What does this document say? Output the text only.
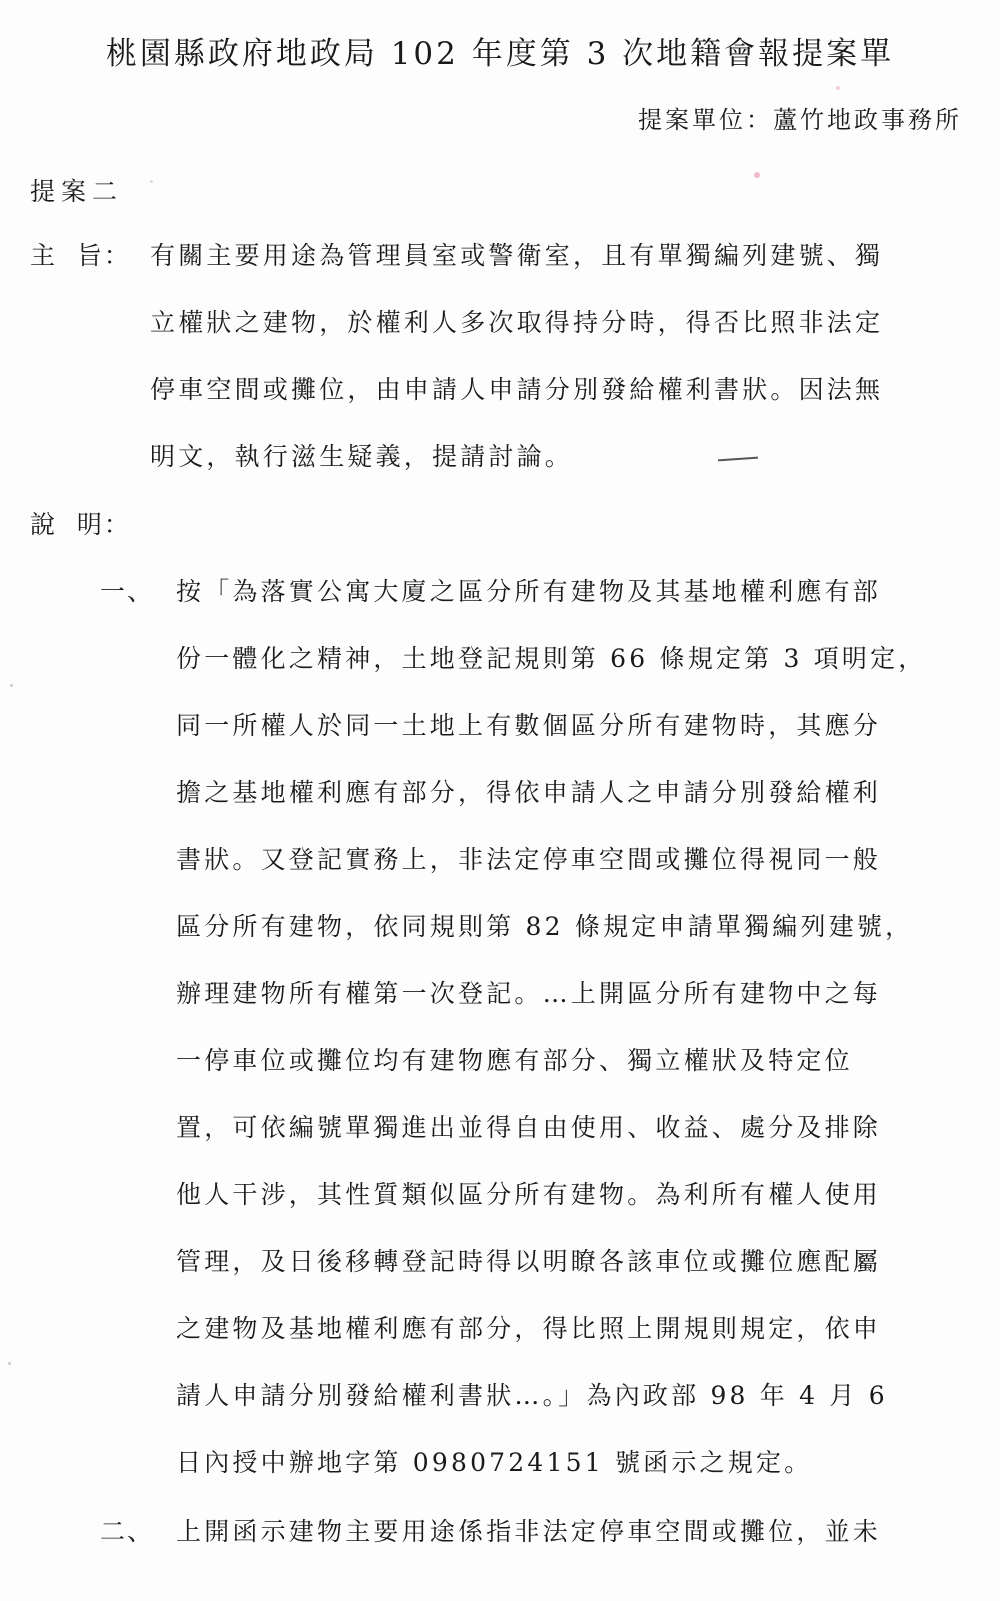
桃園縣政府地政局 102 年度第 3 次地籍會報提案單
提案單位：蘆竹地政事務所
提案二
主  旨： 有關主要用途為管理員室或警衛室，且有單獨編列建號、獨
立權狀之建物，於權利人多次取得持分時，得否比照非法定
停車空間或攤位，由申請人申請分別發給權利書狀。因法無
明文，執行滋生疑義，提請討論。
說  明：
一、 按「為落實公寓大廈之區分所有建物及其基地權利應有部
份一體化之精神，土地登記規則第 66 條規定第 3 項明定，
同一所權人於同一土地上有數個區分所有建物時，其應分
擔之基地權利應有部分，得依申請人之申請分別發給權利
書狀。又登記實務上，非法定停車空間或攤位得視同一般
區分所有建物，依同規則第 82 條規定申請單獨編列建號，
辦理建物所有權第一次登記。…上開區分所有建物中之每
一停車位或攤位均有建物應有部分、獨立權狀及特定位
置，可依編號單獨進出並得自由使用、收益、處分及排除
他人干涉，其性質類似區分所有建物。為利所有權人使用
管理，及日後移轉登記時得以明瞭各該車位或攤位應配屬
之建物及基地權利應有部分，得比照上開規則規定，依申
請人申請分別發給權利書狀…。」為內政部 98 年 4 月 6
日內授中辦地字第 0980724151 號函示之規定。
二、 上開函示建物主要用途係指非法定停車空間或攤位，並未
